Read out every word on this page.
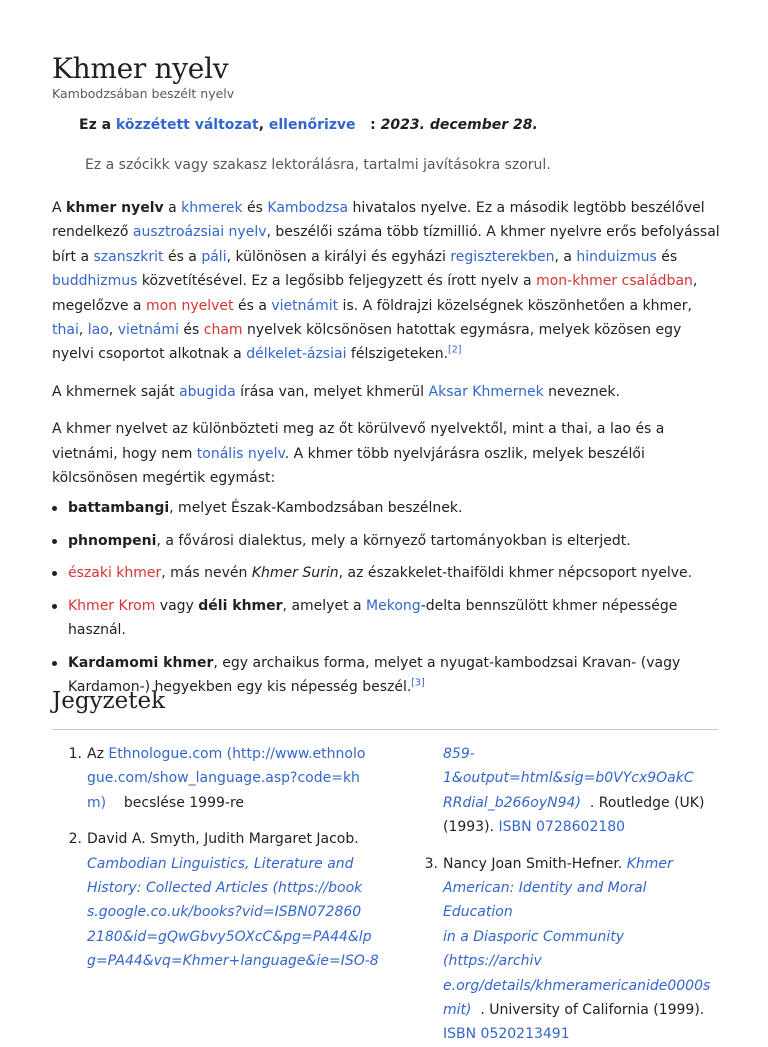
Khmer nyelv
Kambodzsában beszélt nyelv
Ez a közzétett változat, ellenőrizve : 2023. december 28.
Ez a szócikk vagy szakasz lektorálásra, tartalmi javításokra szorul.

A khmer nyelv a khmerek és Kambodzsa hivatalos nyelve. Ez a második legtöbb beszélővel rendelkező ausztroázsiai nyelv, beszélői száma több tízmillió. A khmer nyelvre erős befolyással bírt a szanszkrit és a páli, különösen a királyi és egyházi regiszterekben, a hinduizmus és buddhizmus közvetítésével. Ez a legősibb feljegyzett és írott nyelv a mon-khmer családban, megelőzve a mon nyelvet és a vietnámit is. A földrajzi közelségnek köszönhetően a khmer, thai, lao, vietnámi és cham nyelvek kölcsönösen hatottak egymásra, melyek közösen egy nyelvi csoportot alkotnak a délkelet-ázsiai félszigeteken.[2]

A khmernek saját abugida írása van, melyet khmerül Aksar Khmernek neveznek.

A khmer nyelvet az különbözteti meg az őt körülvevő nyelvektől, mint a thai, a lao és a vietnámi, hogy nem tonális nyelv. A khmer több nyelvjárásra oszlik, melyek beszélői kölcsönösen megértik egymást:

battambangi, melyet Észak-Kambodzsában beszélnek.
phnompeni, a fővárosi dialektus, mely a környező tartományokban is elterjedt.
északi khmer, más nevén Khmer Surin, az északkelet-thaiföldi khmer népcsoport nyelve.
Khmer Krom vagy déli khmer, amelyet a Mekong-delta bennszülött khmer népessége használ.
Kardamomi khmer, egy archaikus forma, melyet a nyugat-kambodzsai Kravan- (vagy Kardamon-) hegyekben egy kis népesség beszél.[3]
Jegyzetek
1. Az Ethnologue.com (http://www.ethnolo
gue.com/show_language.asp?code=kh
m) becslése 1999-re
2. David A. Smyth, Judith Margaret Jacob.
Cambodian Linguistics, Literature and
History: Collected Articles (https://book
s.google.co.uk/books?vid=ISBN072860
2180&id=gQwGbvy5OXcC&pg=PA44&lp
g=PA44&vq=Khmer+language&ie=ISO-8
859-1&output=html&sig=b0VYcx9OakC
RRdial_b266oyN94) . Routledge (UK)
(1993). ISBN 0728602180
3. Nancy Joan Smith-Hefner. Khmer
American: Identity and Moral Education
in a Diasporic Community (https://archiv
e.org/details/khmeramericanide0000s
mit) . University of California (1999).
ISBN 0520213491
